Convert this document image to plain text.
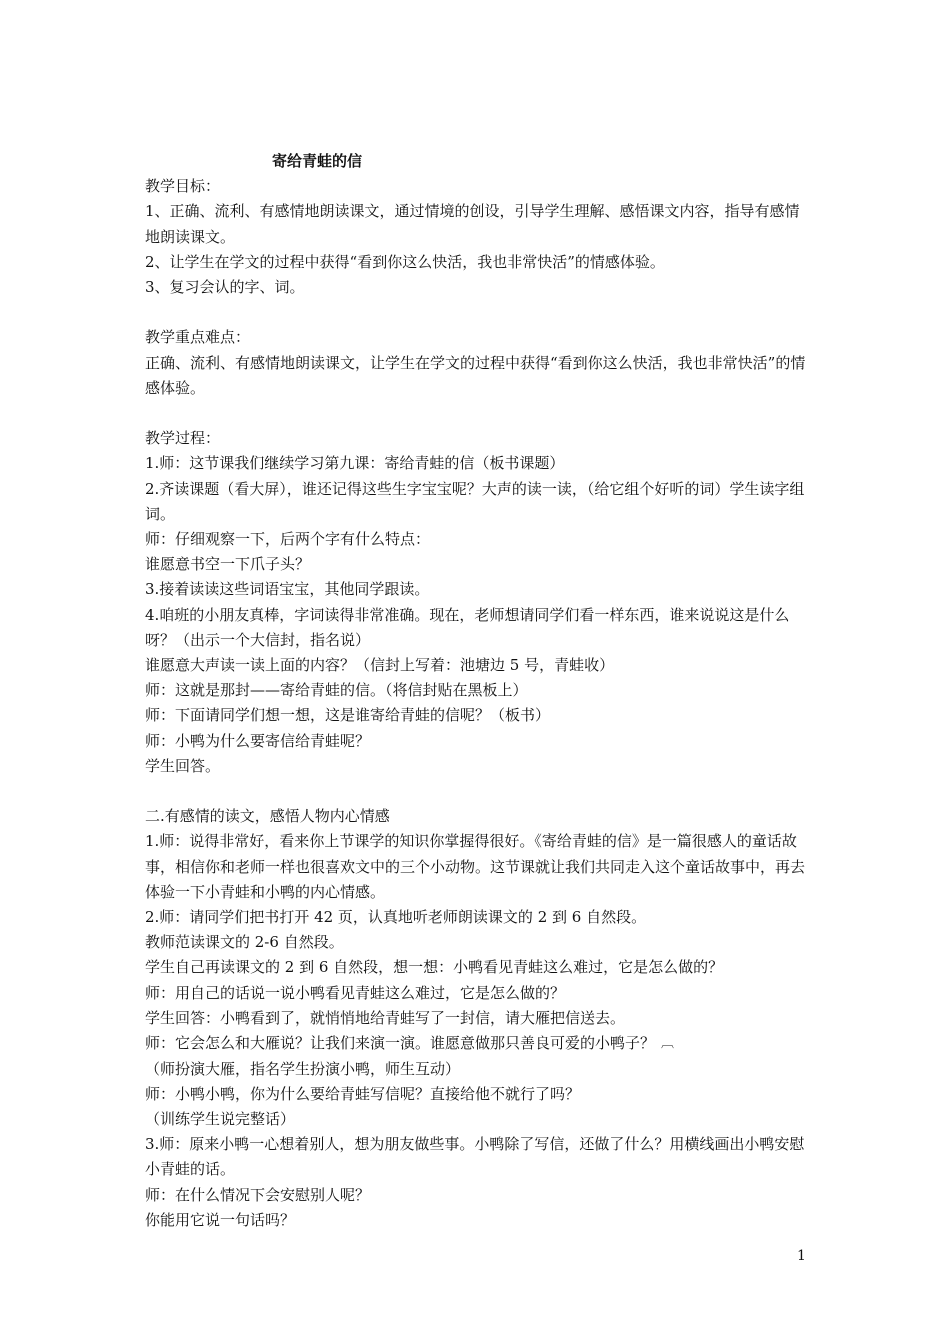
寄给青蛙的信

教学目标：

1、正确、流利、有感情地朗读课文，通过情境的创设，引导学生理解、感悟课文内容，指导有感情地朗读课文。

2、让学生在学文的过程中获得“看到你这么快活，我也非常快活”的情感体验。

3、复习会认的字、词。

教学重点难点：

正确、流利、有感情地朗读课文，让学生在学文的过程中获得“看到你这么快活，我也非常快活”的情感体验。

教学过程：

1.师：这节课我们继续学习第九课：寄给青蛙的信（板书课题）

2.齐读课题（看大屏），谁还记得这些生字宝宝呢？大声的读一读，（给它组个好听的词）学生读字组词。

师：仔细观察一下，后两个字有什么特点：

谁愿意书空一下爪子头？

3.接着读读这些词语宝宝，其他同学跟读。

4.咱班的小朋友真棒，字词读得非常准确。现在，老师想请同学们看一样东西，谁来说说这是什么呀？（出示一个大信封，指名说）

谁愿意大声读一读上面的内容？（信封上写着：池塘边 5 号，青蛙收）

师：这就是那封——寄给青蛙的信。（将信封贴在黑板上）

师：下面请同学们想一想，这是谁寄给青蛙的信呢？（板书）

师：小鸭为什么要寄信给青蛙呢？

学生回答。

二.有感情的读文，感悟人物内心情感

1.师：说得非常好，看来你上节课学的知识你掌握得很好。《寄给青蛙的信》是一篇很感人的童话故事，相信你和老师一样也很喜欢文中的三个小动物。这节课就让我们共同走入这个童话故事中，再去体验一下小青蛙和小鸭的内心情感。

2.师：请同学们把书打开 42 页，认真地听老师朗读课文的 2 到 6 自然段。

教师范读课文的 2-6 自然段。

学生自己再读课文的 2 到 6 自然段，想一想：小鸭看见青蛙这么难过，它是怎么做的？

师：用自己的话说一说小鸭看见青蛙这么难过，它是怎么做的？

学生回答：小鸭看到了，就悄悄地给青蛙写了一封信，请大雁把信送去。

师：它会怎么和大雁说？让我们来演一演。谁愿意做那只善良可爱的小鸭子？ ︹

（师扮演大雁，指名学生扮演小鸭，师生互动）

师：小鸭小鸭，你为什么要给青蛙写信呢？直接给他不就行了吗？

（训练学生说完整话）

3.师：原来小鸭一心想着别人，想为朋友做些事。小鸭除了写信，还做了什么？用横线画出小鸭安慰小青蛙的话。

师：在什么情况下会安慰别人呢？

你能用它说一句话吗？

1
